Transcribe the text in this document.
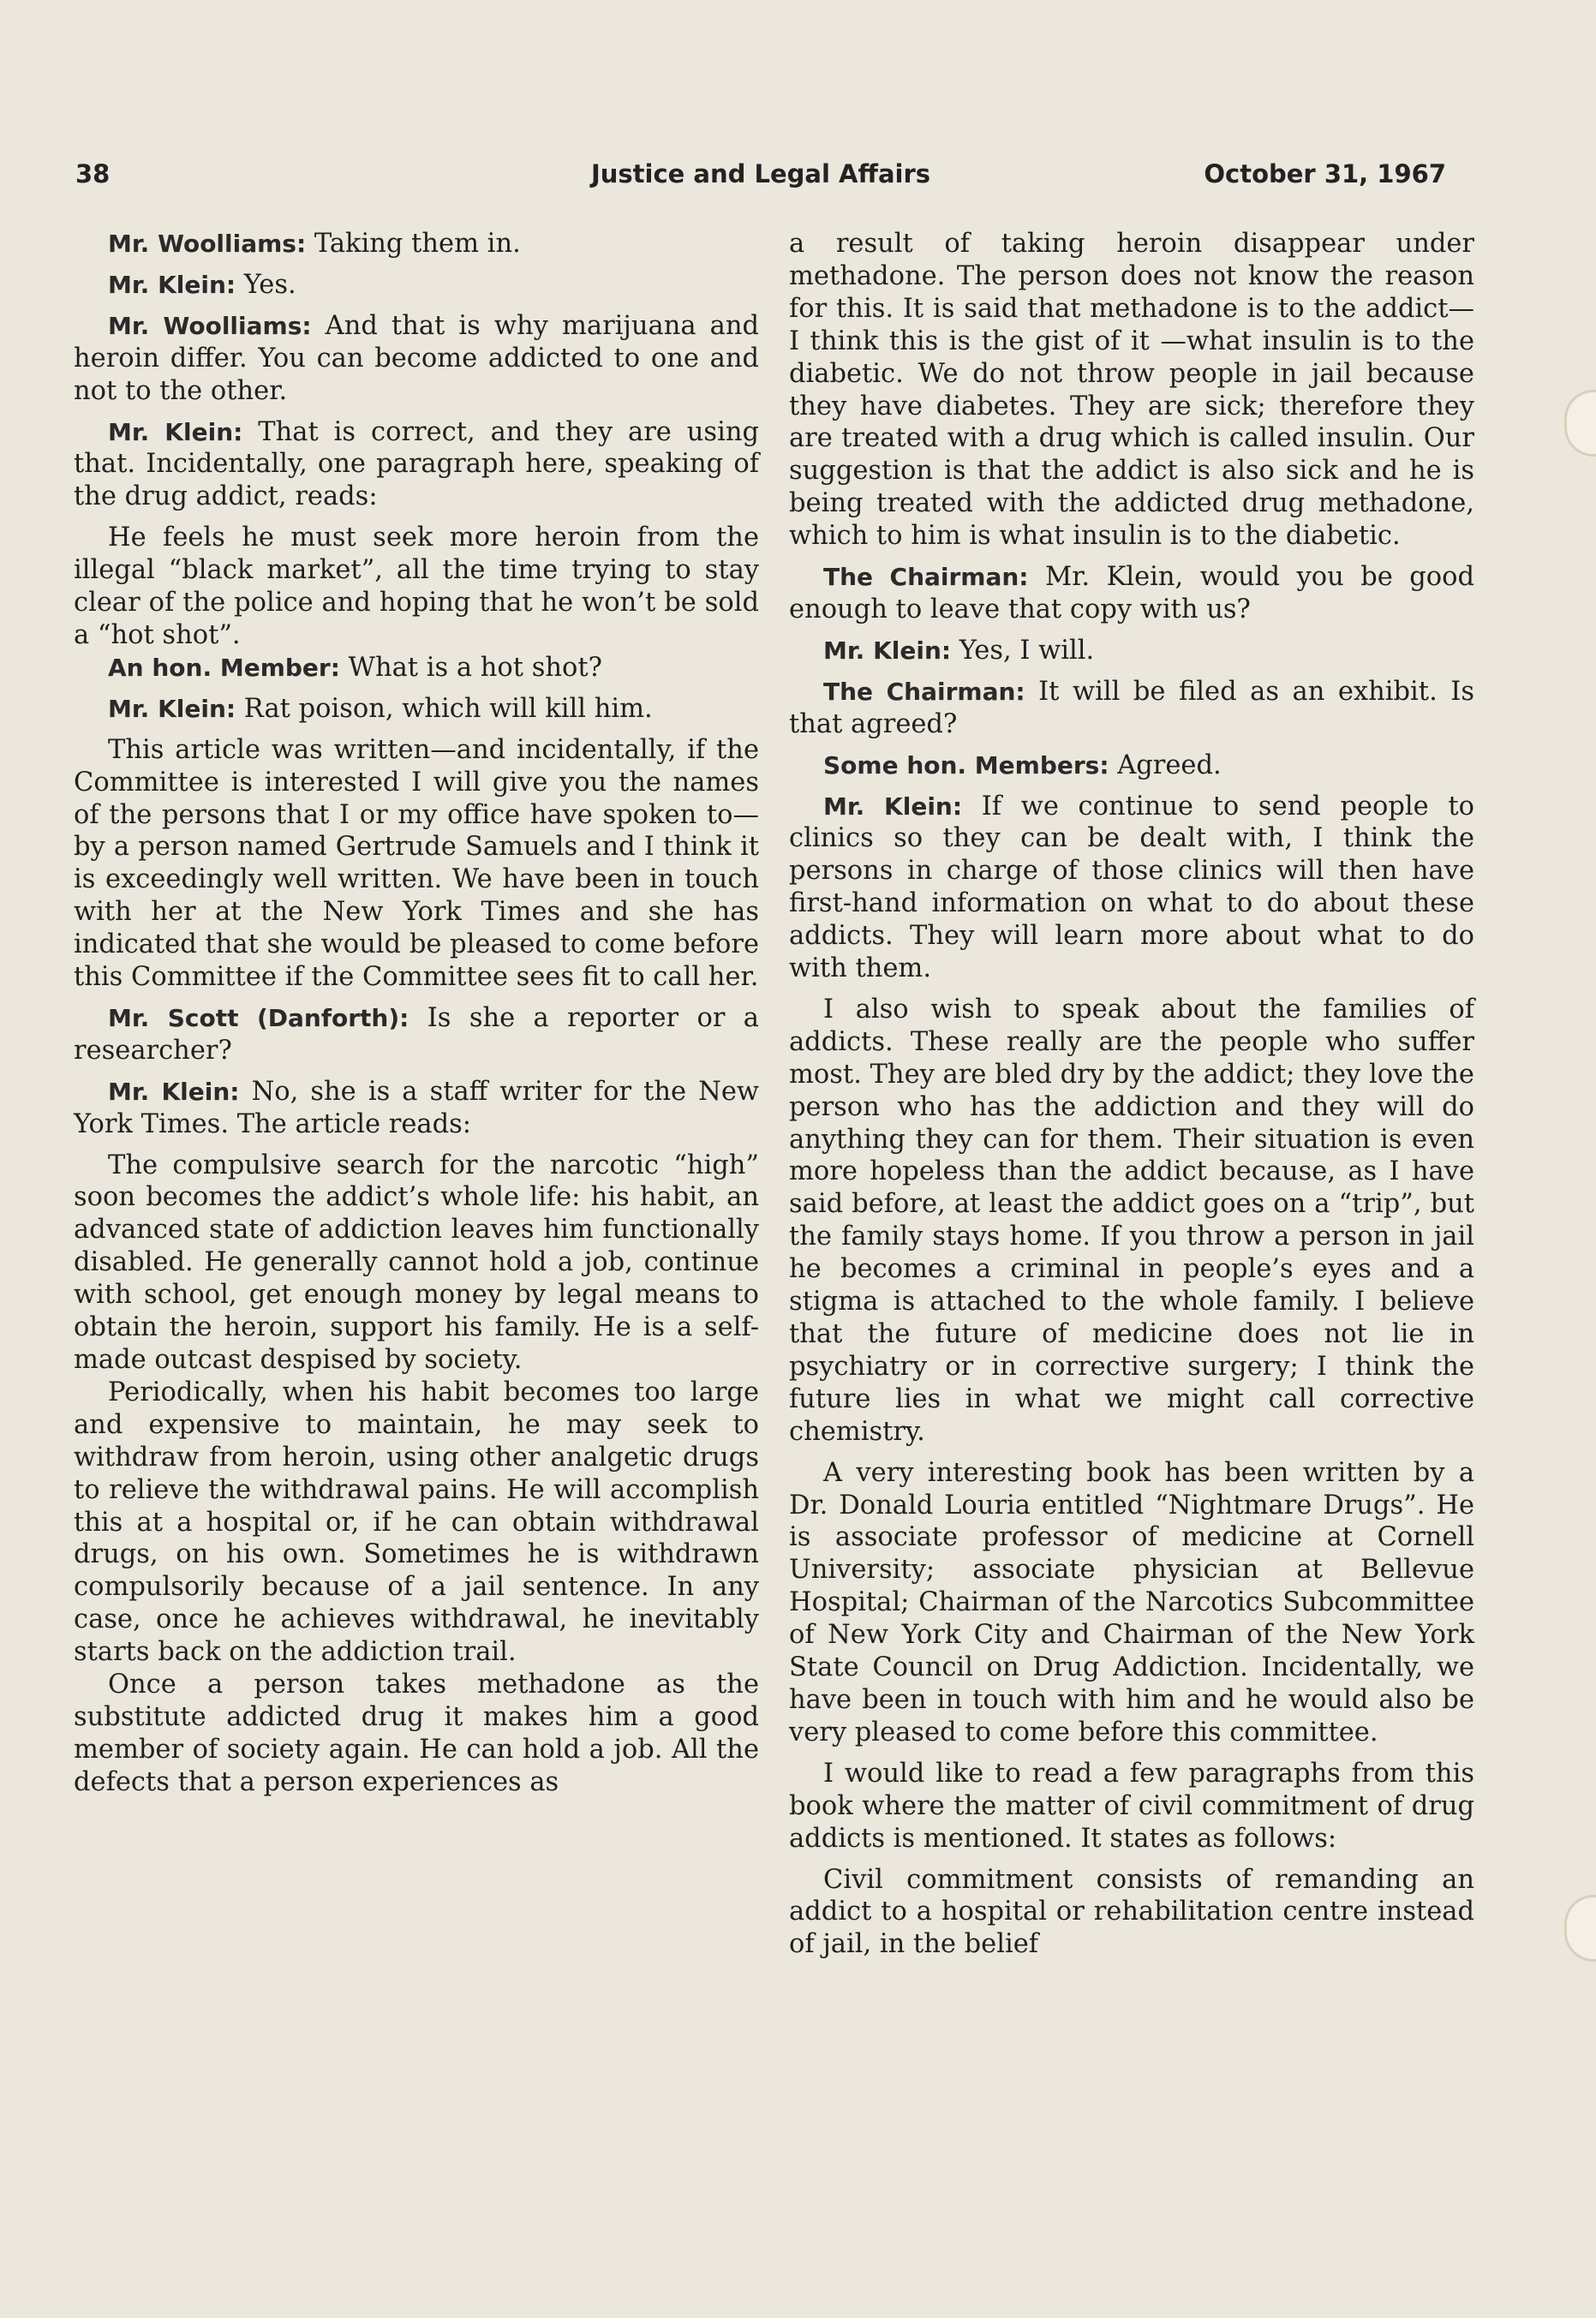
Justice and Legal Affairs
38	October 31, 1967

Mr. Woolliams: Taking them in.

Mr. Klein: Yes.

Mr. Woolliams: And that is why marijuana and heroin differ. You can become addicted to one and not to the other.

Mr. Klein: That is correct, and they are using that. Incidentally, one paragraph here, speaking of the drug addict, reads:

He feels he must seek more heroin from the illegal “black market”, all the time trying to stay clear of the police and hoping that he won’t be sold a “hot shot”.

An hon. Member: What is a hot shot?

Mr. Klein: Rat poison, which will kill him.

This article was written—and incidentally, if the Committee is interested I will give you the names of the persons that I or my office have spoken to—by a person named Gertrude Samuels and I think it is exceedingly well written. We have been in touch with her at the New York Times and she has indicated that she would be pleased to come before this Committee if the Committee sees fit to call her.

Mr. Scott (Danforth): Is she a reporter or a researcher?

Mr. Klein: No, she is a staff writer for the New York Times. The article reads:

The compulsive search for the narcotic “high” soon becomes the addict’s whole life: his habit, an advanced state of addiction leaves him functionally disabled. He generally cannot hold a job, continue with school, get enough money by legal means to obtain the heroin, support his family. He is a self-made outcast despised by society.

Periodically, when his habit becomes too large and expensive to maintain, he may seek to withdraw from heroin, using other analgetic drugs to relieve the withdrawal pains. He will accomplish this at a hospital or, if he can obtain withdrawal drugs, on his own. Sometimes he is withdrawn compulsorily because of a jail sentence. In any case, once he achieves withdrawal, he inevitably starts back on the addiction trail.

Once a person takes methadone as the substitute addicted drug it makes him a good member of society again. He can hold a job. All the defects that a person experiences as

a result of taking heroin disappear under methadone. The person does not know the reason for this. It is said that methadone is to the addict—I think this is the gist of it —what insulin is to the diabetic. We do not throw people in jail because they have diabetes. They are sick; therefore they are treated with a drug which is called insulin. Our suggestion is that the addict is also sick and he is being treated with the addicted drug methadone, which to him is what insulin is to the diabetic.

The Chairman: Mr. Klein, would you be good enough to leave that copy with us?

Mr. Klein: Yes, I will.

The Chairman: It will be filed as an exhibit. Is that agreed?

Some hon. Members: Agreed.

Mr. Klein: If we continue to send people to clinics so they can be dealt with, I think the persons in charge of those clinics will then have first-hand information on what to do about these addicts. They will learn more about what to do with them.

I also wish to speak about the families of addicts. These really are the people who suffer most. They are bled dry by the addict; they love the person who has the addiction and they will do anything they can for them. Their situation is even more hopeless than the addict because, as I have said before, at least the addict goes on a “trip”, but the family stays home. If you throw a person in jail he becomes a criminal in people’s eyes and a stigma is attached to the whole family. I believe that the future of medicine does not lie in psychiatry or in corrective surgery; I think the future lies in what we might call corrective chemistry.

A very interesting book has been written by a Dr. Donald Louria entitled “Nightmare Drugs”. He is associate professor of medicine at Cornell University; associate physician at Bellevue Hospital; Chairman of the Narcotics Subcommittee of New York City and Chairman of the New York State Council on Drug Addiction. Incidentally, we have been in touch with him and he would also be very pleased to come before this committee.

I would like to read a few paragraphs from this book where the matter of civil commitment of drug addicts is mentioned. It states as follows:

Civil commitment consists of remanding an addict to a hospital or rehabilitation centre instead of jail, in the belief
